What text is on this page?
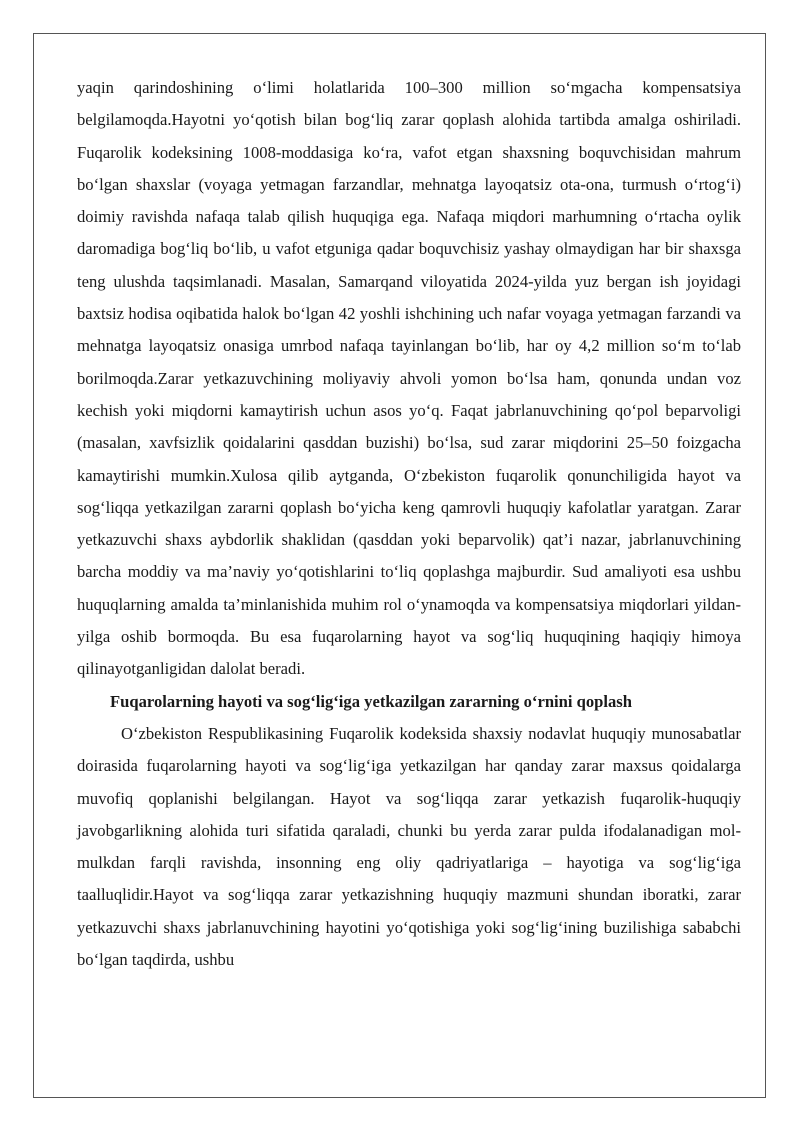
yaqin qarindoshining o‘limi holatlarida 100–300 million so‘mgacha kompensatsiya belgilamoqda.Hayotni yo‘qotish bilan bog‘liq zarar qoplash alohida tartibda amalga oshiriladi. Fuqarolik kodeksining 1008-moddasiga ko‘ra, vafot etgan shaxsning boquvchisidan mahrum bo‘lgan shaxslar (voyaga yetmagan farzandlar, mehnatga layoqatsiz ota-ona, turmush o‘rtog‘i) doimiy ravishda nafaqa talab qilish huquqiga ega. Nafaqa miqdori marhumning o‘rtacha oylik daromadiga bog‘liq bo‘lib, u vafot etguniga qadar boquvchisiz yashay olmaydigan har bir shaxsga teng ulushda taqsimlanadi. Masalan, Samarqand viloyatida 2024-yilda yuz bergan ish joyidagi baxtsiz hodisa oqibatida halok bo‘lgan 42 yoshli ishchining uch nafar voyaga yetmagan farzandi va mehnatga layoqatsiz onasiga umrbod nafaqa tayinlangan bo‘lib, har oy 4,2 million so‘m to‘lab borilmoqda.Zarar yetkazuvchining moliyaviy ahvoli yomon bo‘lsa ham, qonunda undan voz kechish yoki miqdorni kamaytirish uchun asos yo‘q. Faqat jabrlanuvchining qo‘pol beparvoligi (masalan, xavfsizlik qoidalarini qasddan buzishi) bo‘lsa, sud zarar miqdorini 25–50 foizgacha kamaytirishi mumkin.Xulosa qilib aytganda, O‘zbekiston fuqarolik qonunchiligida hayot va sog‘liqqa yetkazilgan zararni qoplash bo‘yicha keng qamrovli huquqiy kafolatlar yaratgan. Zarar yetkazuvchi shaxs aybdorlik shaklidan (qasddan yoki beparvolik) qat’i nazar, jabrlanuvchining barcha moddiy va ma’naviy yo‘qotishlarini to‘liq qoplashga majburdir. Sud amaliyoti esa ushbu huquqlarning amalda ta’minlanishida muhim rol o‘ynamoqda va kompensatsiya miqdorlari yildan-yilga oshib bormoqda. Bu esa fuqarolarning hayot va sog‘liq huquqining haqiqiy himoya qilinayotganligidan dalolat beradi.

Fuqarolarning hayoti va sog‘lig‘iga yetkazilgan zararning o‘rnini qoplash

O‘zbekiston Respublikasining Fuqarolik kodeksida shaxsiy nodavlat huquqiy munosabatlar doirasida fuqarolarning hayoti va sog‘lig‘iga yetkazilgan har qanday zarar maxsus qoidalarga muvofiq qoplanishi belgilangan. Hayot va sog‘liqqa zarar yetkazish fuqarolik-huquqiy javobgarlikning alohida turi sifatida qaraladi, chunki bu yerda zarar pulda ifodalanadigan mol-mulkdan farqli ravishda, insonning eng oliy qadriyatlariga – hayotiga va sog‘lig‘iga taalluqlidir.Hayot va sog‘liqqa zarar yetkazishning huquqiy mazmuni shundan iboratki, zarar yetkazuvchi shaxs jabrlanuvchining hayotini yo‘qotishiga yoki sog‘lig‘ining buzilishiga sababchi bo‘lgan taqdirda, ushbu
